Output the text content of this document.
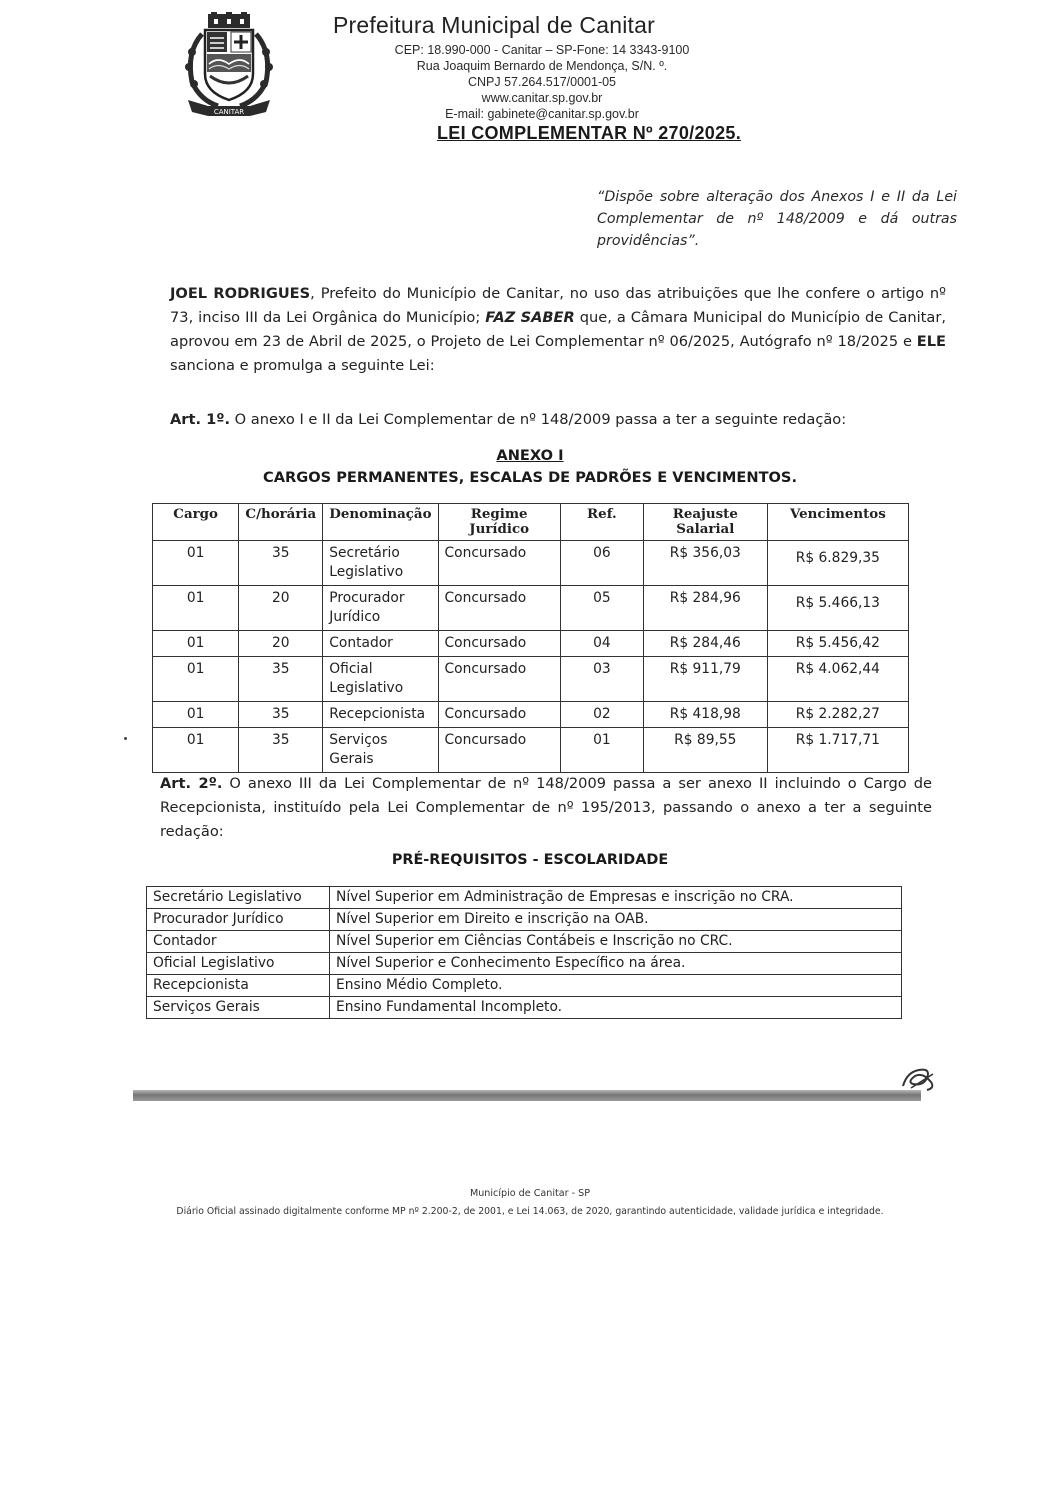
CANITAR
Prefeitura Municipal de Canitar
CEP: 18.990-000 - Canitar – SP-Fone: 14 3343-9100
Rua Joaquim Bernardo de Mendonça, S/N. º.
CNPJ 57.264.517/0001-05
www.canitar.sp.gov.br
E-mail: gabinete@canitar.sp.gov.br
LEI COMPLEMENTAR Nº 270/2025.
“Dispõe sobre alteração dos Anexos I e II da Lei Complementar de nº 148/2009 e dá outras providências”.
JOEL RODRIGUES, Prefeito do Município de Canitar, no uso das atribuições que lhe confere o artigo nº 73, inciso III da Lei Orgânica do Município; FAZ SABER que, a Câmara Municipal do Município de Canitar, aprovou em 23 de Abril de 2025, o Projeto de Lei Complementar nº 06/2025, Autógrafo nº 18/2025 e ELE sanciona e promulga a seguinte Lei:
Art. 1º. O anexo I e II da Lei Complementar de nº 148/2009 passa a ter a seguinte redação:
ANEXO I
CARGOS PERMANENTES, ESCALAS DE PADRÕES E VENCIMENTOS.
Cargo	C/horária	Denominação	Regime Jurídico	Ref.	Reajuste Salarial	Vencimentos
01	35	Secretário Legislativo	Concursado	06	R$ 356,03	R$ 6.829,35
01	20	Procurador Jurídico	Concursado	05	R$ 284,96	R$ 5.466,13
01	20	Contador	Concursado	04	R$ 284,46	R$ 5.456,42
01	35	Oficial Legislativo	Concursado	03	R$ 911,79	R$ 4.062,44
01	35	Recepcionista	Concursado	02	R$ 418,98	R$ 2.282,27
01	35	Serviços Gerais	Concursado	01	R$ 89,55	R$ 1.717,71
Art. 2º. O anexo III da Lei Complementar de nº 148/2009 passa a ser anexo II incluindo o Cargo de Recepcionista, instituído pela Lei Complementar de nº 195/2013, passando o anexo a ter a seguinte redação:
PRÉ-REQUISITOS - ESCOLARIDADE
Secretário Legislativo	Nível Superior em Administração de Empresas e inscrição no CRA.
Procurador Jurídico	Nível Superior em Direito e inscrição na OAB.
Contador	Nível Superior em Ciências Contábeis e Inscrição no CRC.
Oficial Legislativo	Nível Superior e Conhecimento Específico na área.
Recepcionista	Ensino Médio Completo.
Serviços Gerais	Ensino Fundamental Incompleto.
Município de Canitar - SP
Diário Oficial assinado digitalmente conforme MP nº 2.200-2, de 2001, e Lei 14.063, de 2020, garantindo autenticidade, validade jurídica e integridade.
